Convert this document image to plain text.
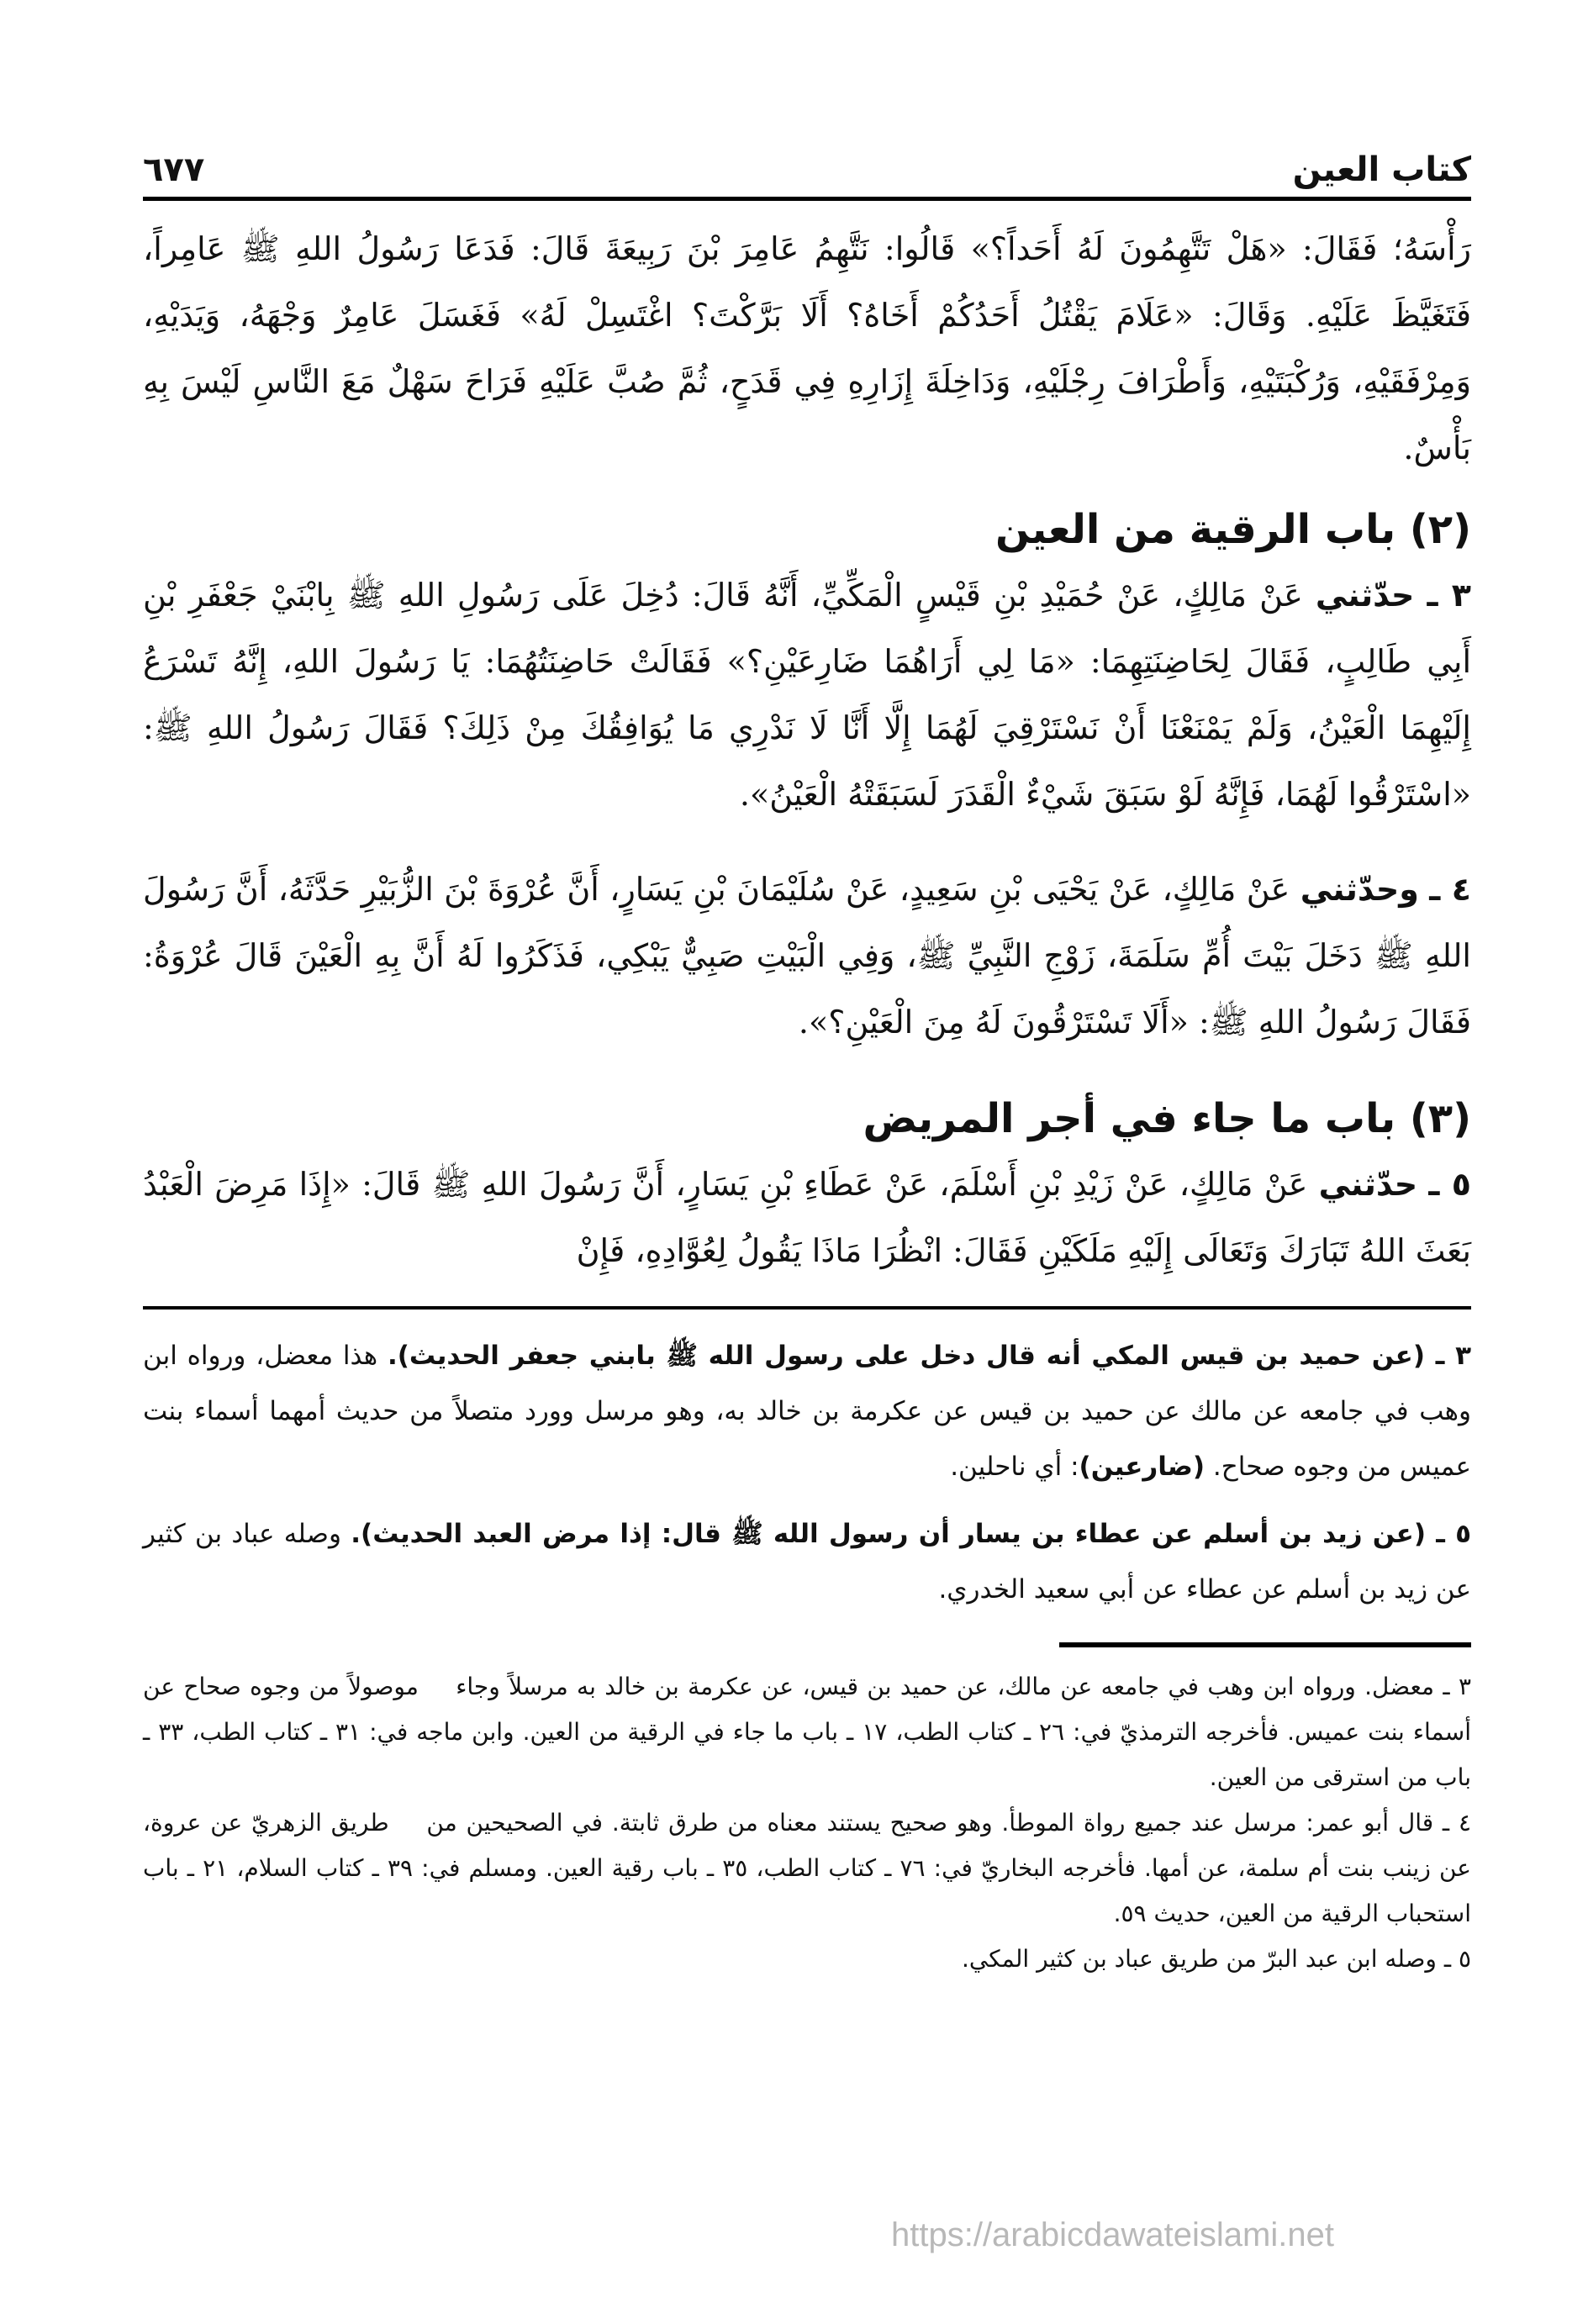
كتاب العين
٦٧٧

رَأْسَهُ؛ فَقَالَ: «هَلْ تَتَّهِمُونَ لَهُ أَحَداً؟» قَالُوا: نَتَّهِمُ عَامِرَ بْنَ رَبِيعَةَ قَالَ: فَدَعَا رَسُولُ اللهِ ﷺ عَامِراً، فَتَغَيَّظَ عَلَيْهِ. وَقَالَ: «عَلَامَ يَقْتُلُ أَحَدُكُمْ أَخَاهُ؟ أَلَا بَرَّكْتَ؟ اغْتَسِلْ لَهُ» فَغَسَلَ عَامِرٌ وَجْهَهُ، وَيَدَيْهِ، وَمِرْفَقَيْهِ، وَرُكْبَتَيْهِ، وَأَطْرَافَ رِجْلَيْهِ، وَدَاخِلَةَ إِزَارِهِ فِي قَدَحٍ، ثُمَّ صُبَّ عَلَيْهِ فَرَاحَ سَهْلٌ مَعَ النَّاسِ لَيْسَ بِهِ بَأْسٌ.

(٢) باب الرقية من العين

٣ ـ حدّثني عَنْ مَالِكٍ، عَنْ حُمَيْدِ بْنِ قَيْسٍ الْمَكِّيِّ، أَنَّهُ قَالَ: دُخِلَ عَلَى رَسُولِ اللهِ ﷺ بِابْنَيْ جَعْفَرِ بْنِ أَبِي طَالِبٍ، فَقَالَ لِحَاضِنَتِهِمَا: «مَا لِي أَرَاهُمَا ضَارِعَيْنِ؟» فَقَالَتْ حَاضِنَتُهُمَا: يَا رَسُولَ اللهِ، إِنَّهُ تَسْرَعُ إِلَيْهِمَا الْعَيْنُ، وَلَمْ يَمْنَعْنَا أَنْ نَسْتَرْقِيَ لَهُمَا إِلَّا أَنَّا لَا نَدْرِي مَا يُوَافِقُكَ مِنْ ذَلِكَ؟ فَقَالَ رَسُولُ اللهِ ﷺ: «اسْتَرْقُوا لَهُمَا، فَإِنَّهُ لَوْ سَبَقَ شَيْءٌ الْقَدَرَ لَسَبَقَتْهُ الْعَيْنُ».

٤ ـ وحدّثني عَنْ مَالِكٍ، عَنْ يَحْيَى بْنِ سَعِيدٍ، عَنْ سُلَيْمَانَ بْنِ يَسَارٍ، أَنَّ عُرْوَةَ بْنَ الزُّبَيْرِ حَدَّثَهُ، أَنَّ رَسُولَ اللهِ ﷺ دَخَلَ بَيْتَ أُمِّ سَلَمَةَ، زَوْجِ النَّبِيِّ ﷺ، وَفِي الْبَيْتِ صَبِيٌّ يَبْكِي، فَذَكَرُوا لَهُ أَنَّ بِهِ الْعَيْنَ قَالَ عُرْوَةُ: فَقَالَ رَسُولُ اللهِ ﷺ: «أَلَا تَسْتَرْقُونَ لَهُ مِنَ الْعَيْنِ؟».

(٣) باب ما جاء في أجر المريض

٥ ـ حدّثني عَنْ مَالِكٍ، عَنْ زَيْدِ بْنِ أَسْلَمَ، عَنْ عَطَاءِ بْنِ يَسَارٍ، أَنَّ رَسُولَ اللهِ ﷺ قَالَ: «إِذَا مَرِضَ الْعَبْدُ بَعَثَ اللهُ تَبَارَكَ وَتَعَالَى إِلَيْهِ مَلَكَيْنِ فَقَالَ: انْظُرَا مَاذَا يَقُولُ لِعُوَّادِهِ، فَإِنْ

٣ ـ (عن حميد بن قيس المكي أنه قال دخل على رسول الله ﷺ بابني جعفر الحديث). هذا معضل، ورواه ابن وهب في جامعه عن مالك عن حميد بن قيس عن عكرمة بن خالد به، وهو مرسل وورد متصلاً من حديث أمهما أسماء بنت عميس من وجوه صحاح. (ضارعين): أي ناحلين.

٥ ـ (عن زيد بن أسلم عن عطاء بن يسار أن رسول الله ﷺ قال: إذا مرض العبد الحديث). وصله عباد بن كثير عن زيد بن أسلم عن عطاء عن أبي سعيد الخدري.

٣ ـ معضل. ورواه ابن وهب في جامعه عن مالك، عن حميد بن قيس، عن عكرمة بن خالد به مرسلاً وجاء موصولاً من وجوه صحاح عن أسماء بنت عميس. فأخرجه الترمذيّ في: ٢٦ ـ كتاب الطب، ١٧ ـ باب ما جاء في الرقية من العين. وابن ماجه في: ٣١ ـ كتاب الطب، ٣٣ ـ باب من استرقى من العين.

٤ ـ قال أبو عمر: مرسل عند جميع رواة الموطأ. وهو صحيح يستند معناه من طرق ثابتة. في الصحيحين من طريق الزهريّ عن عروة، عن زينب بنت أم سلمة، عن أمها. فأخرجه البخاريّ في: ٧٦ ـ كتاب الطب، ٣٥ ـ باب رقية العين. ومسلم في: ٣٩ ـ كتاب السلام، ٢١ ـ باب استحباب الرقية من العين، حديث ٥٩.

٥ ـ وصله ابن عبد البرّ من طريق عباد بن كثير المكي.

https://arabicdawateislami.net
